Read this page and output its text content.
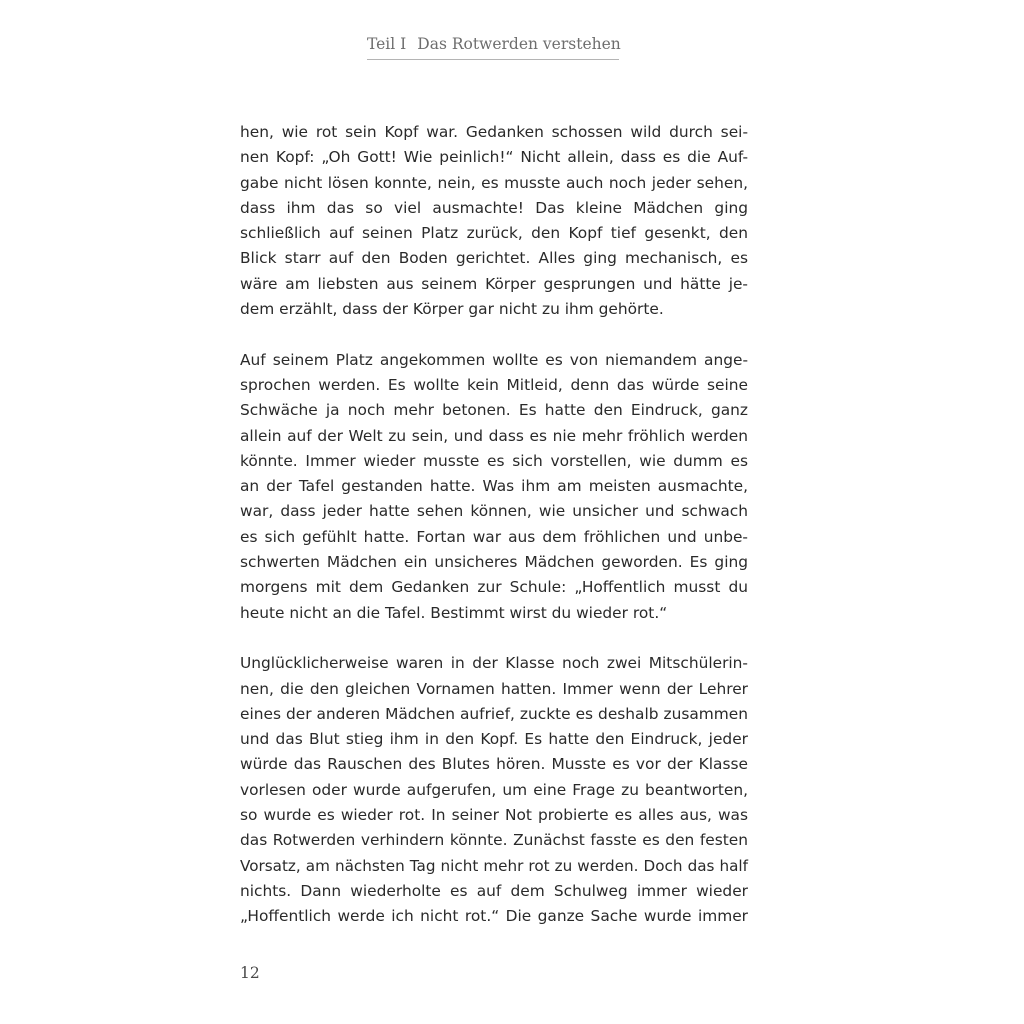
Teil I Das Rotwerden verstehen
hen, wie rot sein Kopf war. Gedanken schossen wild durch sei-
nen Kopf: „Oh Gott! Wie peinlich!“ Nicht allein, dass es die Auf-
gabe nicht lösen konnte, nein, es musste auch noch jeder sehen,
dass ihm das so viel ausmachte! Das kleine Mädchen ging
schließlich auf seinen Platz zurück, den Kopf tief gesenkt, den
Blick starr auf den Boden gerichtet. Alles ging mechanisch, es
wäre am liebsten aus seinem Körper gesprungen und hätte je-
dem erzählt, dass der Körper gar nicht zu ihm gehörte.
Auf seinem Platz angekommen wollte es von niemandem ange-
sprochen werden. Es wollte kein Mitleid, denn das würde seine
Schwäche ja noch mehr betonen. Es hatte den Eindruck, ganz
allein auf der Welt zu sein, und dass es nie mehr fröhlich werden
könnte. Immer wieder musste es sich vorstellen, wie dumm es
an der Tafel gestanden hatte. Was ihm am meisten ausmachte,
war, dass jeder hatte sehen können, wie unsicher und schwach
es sich gefühlt hatte. Fortan war aus dem fröhlichen und unbe-
schwerten Mädchen ein unsicheres Mädchen geworden. Es ging
morgens mit dem Gedanken zur Schule: „Hoffentlich musst du
heute nicht an die Tafel. Bestimmt wirst du wieder rot.“
Unglücklicherweise waren in der Klasse noch zwei Mitschülerin-
nen, die den gleichen Vornamen hatten. Immer wenn der Lehrer
eines der anderen Mädchen aufrief, zuckte es deshalb zusammen
und das Blut stieg ihm in den Kopf. Es hatte den Eindruck, jeder
würde das Rauschen des Blutes hören. Musste es vor der Klasse
vorlesen oder wurde aufgerufen, um eine Frage zu beantworten,
so wurde es wieder rot. In seiner Not probierte es alles aus, was
das Rotwerden verhindern könnte. Zunächst fasste es den festen
Vorsatz, am nächsten Tag nicht mehr rot zu werden. Doch das half
nichts. Dann wiederholte es auf dem Schulweg immer wieder
„Hoffentlich werde ich nicht rot.“ Die ganze Sache wurde immer
12
